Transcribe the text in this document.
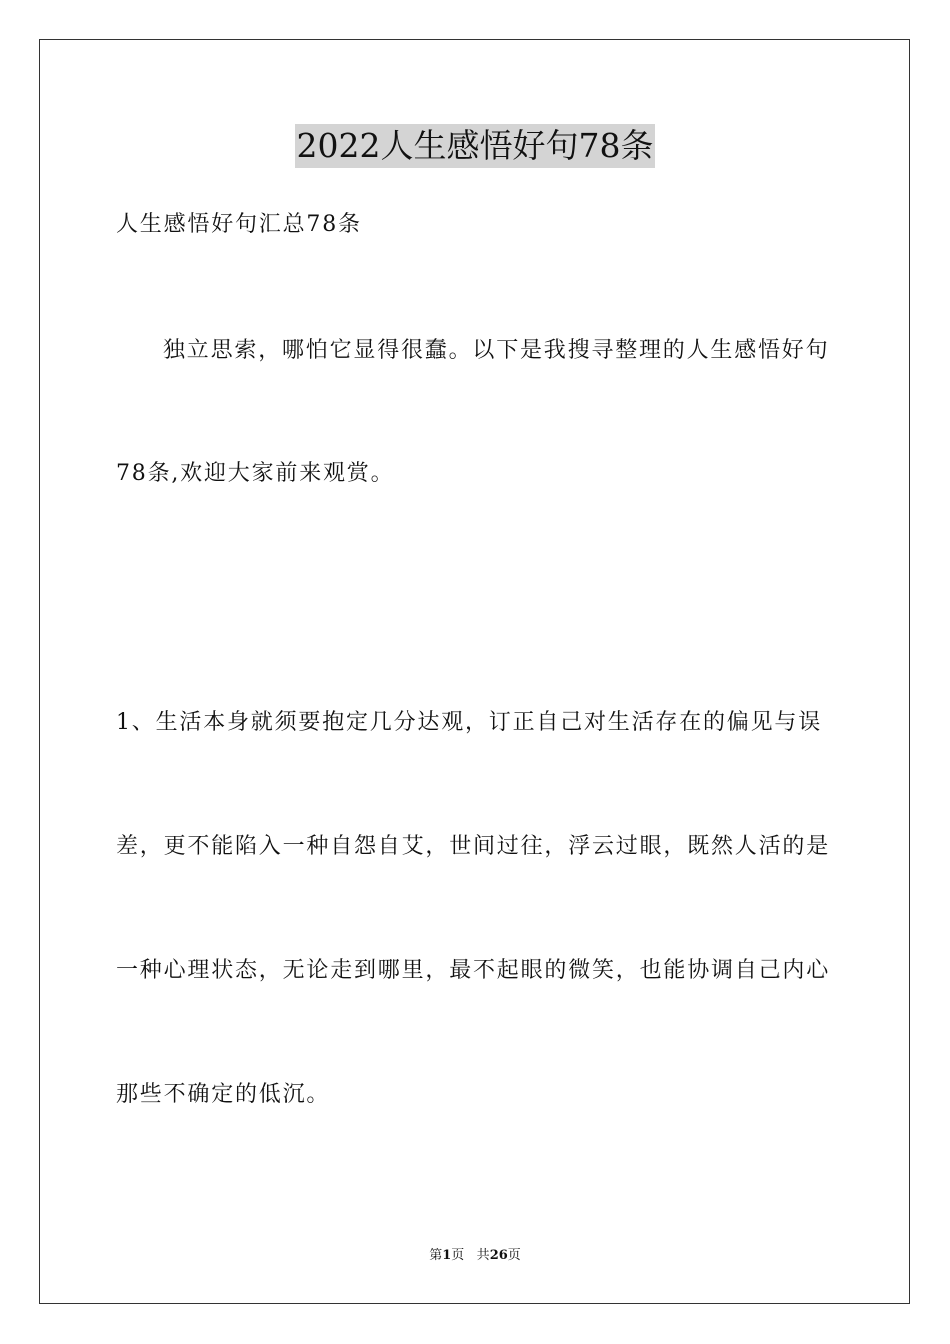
2022人生感悟好句78条
人生感悟好句汇总78条
独立思索，哪怕它显得很蠢。以下是我搜寻整理的人生感悟好句
78条,欢迎大家前来观赏。
1、生活本身就须要抱定几分达观，订正自己对生活存在的偏见与误
差，更不能陷入一种自怨自艾，世间过往，浮云过眼，既然人活的是
一种心理状态，无论走到哪里，最不起眼的微笑，也能协调自己内心
那些不确定的低沉。
第1页 共26页
